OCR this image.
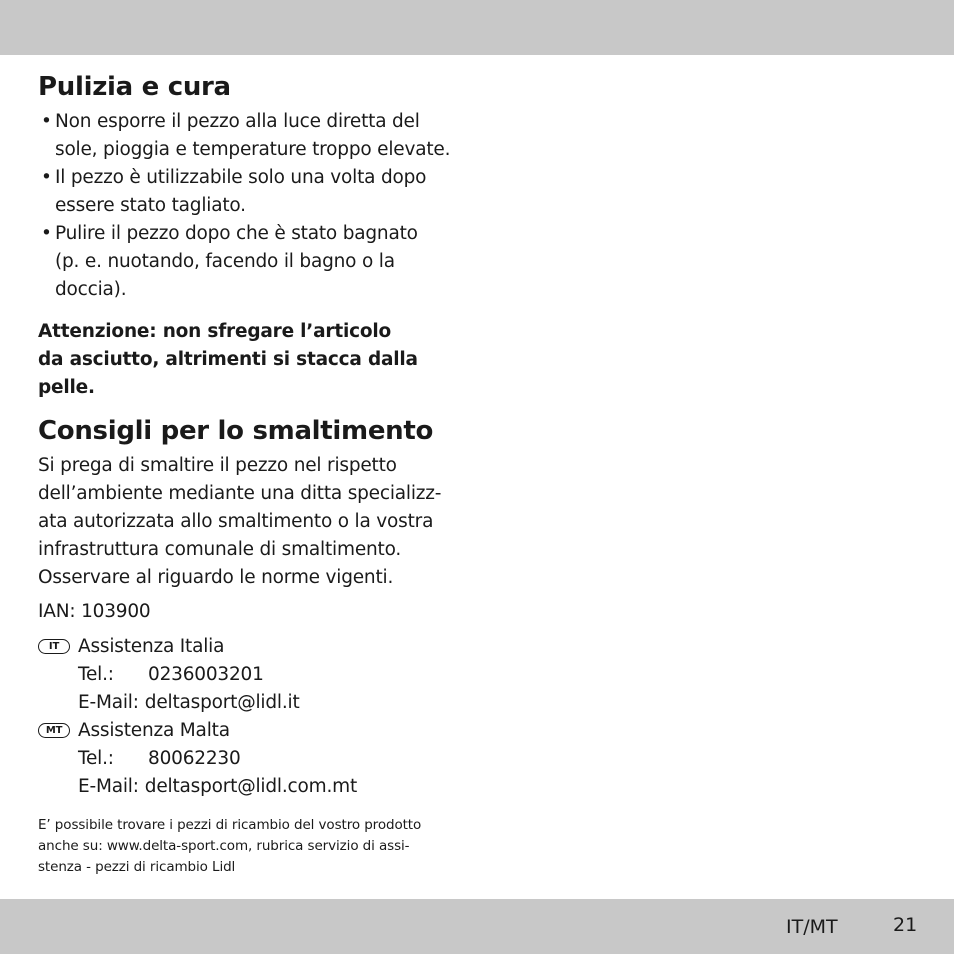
Pulizia e cura
• Non esporre il pezzo alla luce diretta del
sole, pioggia e temperature troppo elevate.
• Il pezzo è utilizzabile solo una volta dopo
essere stato tagliato.
• Pulire il pezzo dopo che è stato bagnato
(p. e. nuotando, facendo il bagno o la
doccia).
Attenzione: non sfregare l’articolo
da asciutto, altrimenti si stacca dalla
pelle.
Consigli per lo smaltimento

Si prega di smaltire il pezzo nel rispetto
dell’ambiente mediante una ditta specializz-
ata autorizzata allo smaltimento o la vostra
infrastruttura comunale di smaltimento.
Osservare al riguardo le norme vigenti.

IAN: 103900

IT	Assistenza Italia
Tel.:	0236003201
E-Mail: deltasport@lidl.it
MT Assistenza Malta
Tel.:	80062230
E-Mail: deltasport@lidl.com.mt
E’ possibile trovare i pezzi di ricambio del vostro prodotto
anche su: www.delta-sport.com, rubrica servizio di assi-
stenza - pezzi di ricambio Lidl
IT/MT	21
